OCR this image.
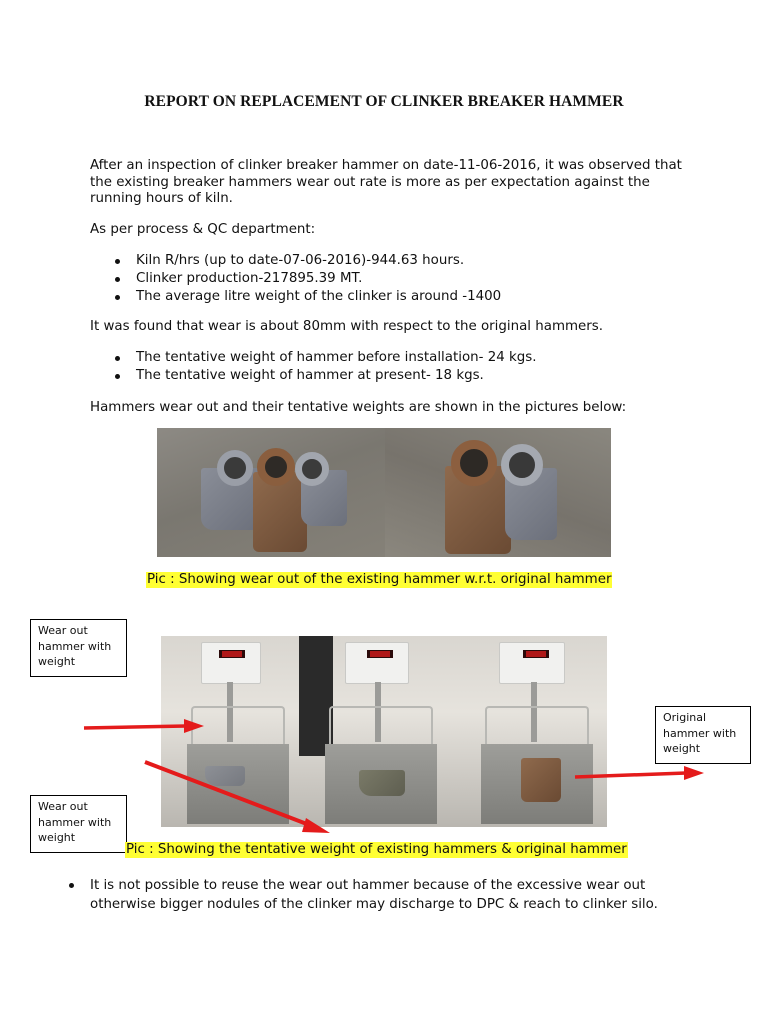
REPORT ON REPLACEMENT OF CLINKER BREAKER HAMMER

After an inspection of clinker breaker hammer on date-11-06-2016, it was observed that the existing breaker hammers wear out rate is more as per expectation against the running hours of kiln.

As per process & QC department:

Kiln R/hrs (up to date-07-06-2016)-944.63 hours.
Clinker production-217895.39 MT.
The average litre weight of the clinker is around -1400

It was found that wear is about 80mm with respect to the original hammers.

The tentative weight of hammer before installation- 24 kgs.
The tentative weight of hammer at present- 18 kgs.

Hammers wear out and their tentative weights are shown in the pictures below:

Pic : Showing wear out of the existing hammer w.r.t. original hammer
Wear out hammer with weight
Wear out hammer with weight
Original hammer with weight
Pic : Showing the tentative weight of existing hammers & original hammer
It is not possible to reuse the wear out hammer because of the excessive wear out otherwise bigger nodules of the clinker may discharge to DPC & reach to clinker silo.
